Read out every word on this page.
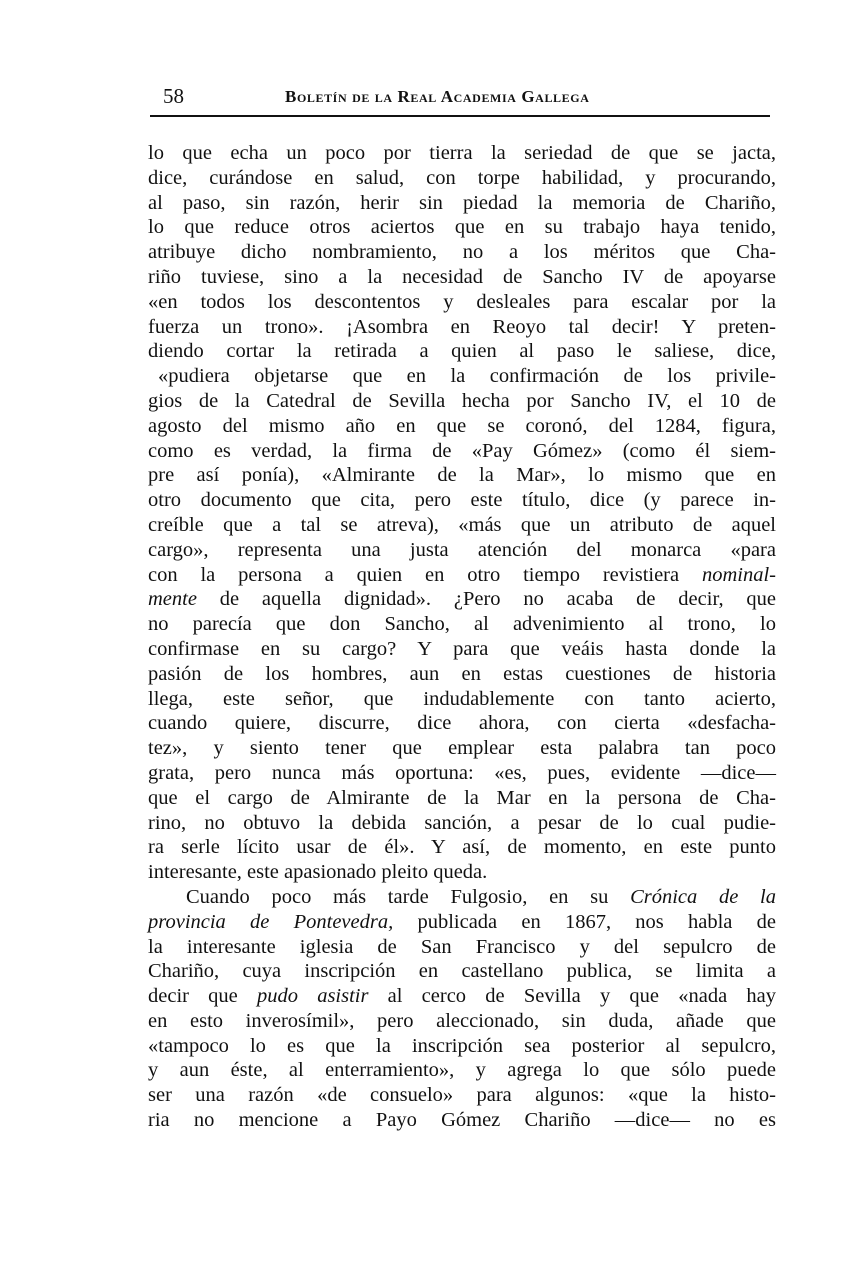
58	Boletín de la Real Academia Gallega
lo que echa un poco por tierra la seriedad de que se jacta,
dice, curándose en salud, con torpe habilidad, y procurando,
al paso, sin razón, herir sin piedad la memoria de Chariño,
lo que reduce otros aciertos que en su trabajo haya tenido,
atribuye dicho nombramiento, no a los méritos que Cha-
riño tuviese, sino a la necesidad de Sancho IV de apoyarse
«en todos los descontentos y desleales para escalar por la
fuerza un trono». ¡Asombra en Reoyo tal decir! Y preten-
diendo cortar la retirada a quien al paso le saliese, dice,
«pudiera objetarse que en la confirmación de los privile-
gios de la Catedral de Sevilla hecha por Sancho IV, el 10 de
agosto del mismo año en que se coronó, del 1284, figura,
como es verdad, la firma de «Pay Gómez» (como él siem-
pre así ponía), «Almirante de la Mar», lo mismo que en
otro documento que cita, pero este título, dice (y parece in-
creíble que a tal se atreva), «más que un atributo de aquel
cargo», representa una justa atención del monarca «para
con la persona a quien en otro tiempo revistiera nominal-
mente de aquella dignidad». ¿Pero no acaba de decir, que
no parecía que don Sancho, al advenimiento al trono, lo
confirmase en su cargo? Y para que veáis hasta donde la
pasión de los hombres, aun en estas cuestiones de historia
llega, este señor, que indudablemente con tanto acierto,
cuando quiere, discurre, dice ahora, con cierta «desfacha-
tez», y siento tener que emplear esta palabra tan poco
grata, pero nunca más oportuna: «es, pues, evidente —dice—
que el cargo de Almirante de la Mar en la persona de Cha-
rino, no obtuvo la debida sanción, a pesar de lo cual pudie-
ra serle lícito usar de él». Y así, de momento, en este punto
interesante, este apasionado pleito queda.
Cuando poco más tarde Fulgosio, en su Crónica de la
provincia de Pontevedra, publicada en 1867, nos habla de
la interesante iglesia de San Francisco y del sepulcro de
Chariño, cuya inscripción en castellano publica, se limita a
decir que pudo asistir al cerco de Sevilla y que «nada hay
en esto inverosímil», pero aleccionado, sin duda, añade que
«tampoco lo es que la inscripción sea posterior al sepulcro,
y aun éste, al enterramiento», y agrega lo que sólo puede
ser una razón «de consuelo» para algunos: «que la histo-
ria no mencione a Payo Gómez Chariño —dice— no es
